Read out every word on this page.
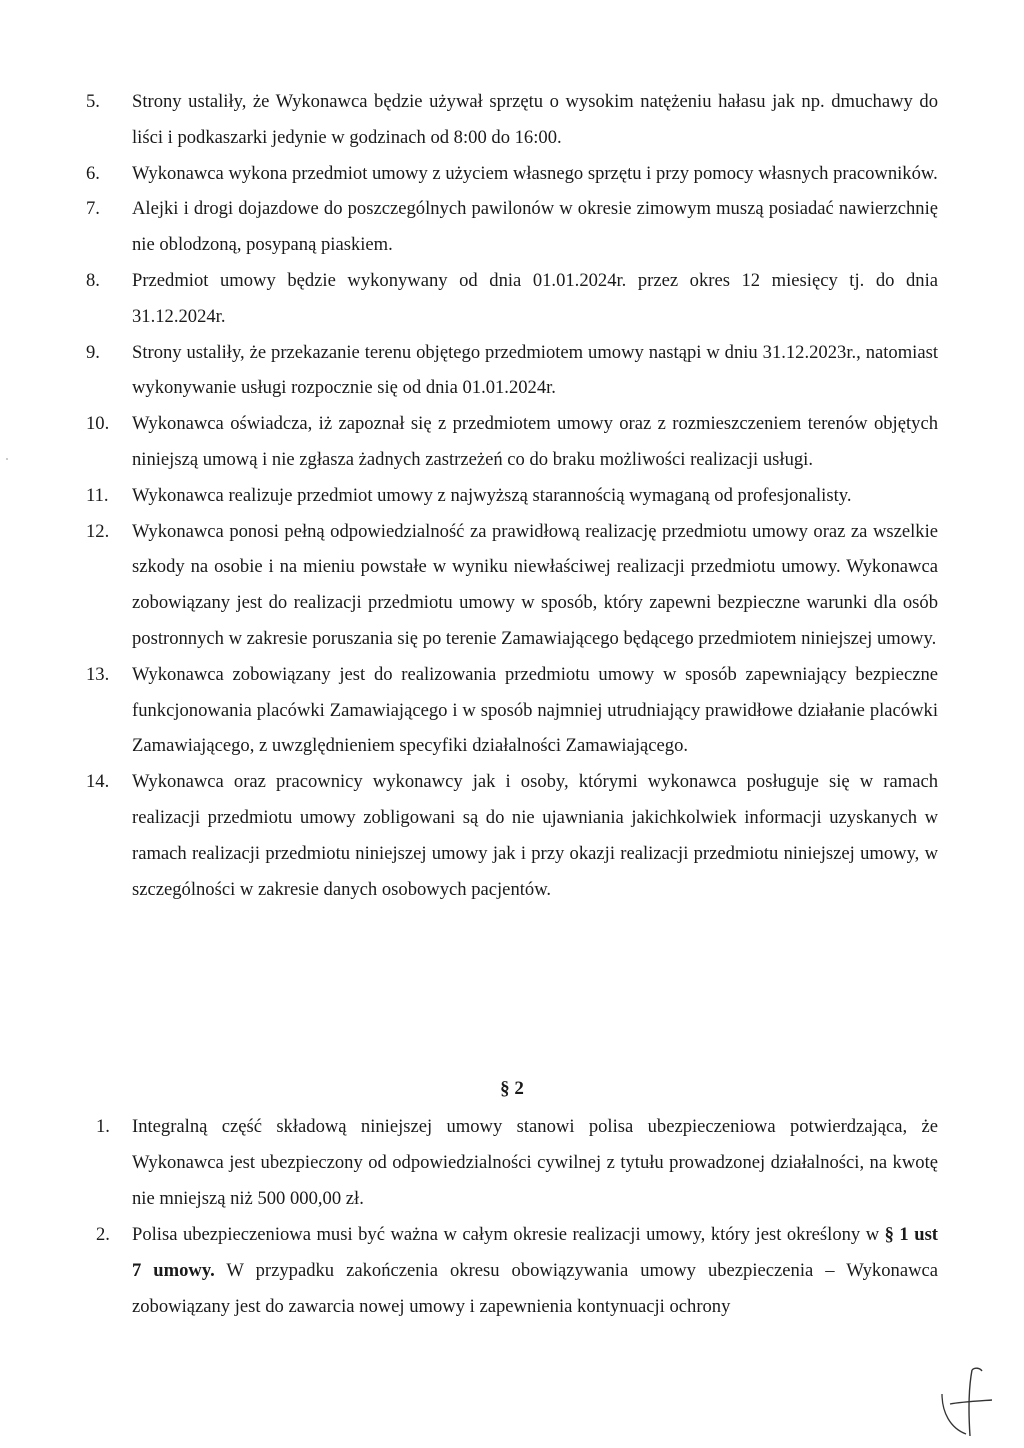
5.	Strony ustaliły, że Wykonawca będzie używał sprzętu o wysokim natężeniu hałasu jak np. dmuchawy do liści i podkaszarki jedynie w godzinach od 8:00 do 16:00.
6.	Wykonawca wykona przedmiot umowy z użyciem własnego sprzętu i przy pomocy własnych pracowników.
7.	Alejki i drogi dojazdowe do poszczególnych pawilonów w okresie zimowym muszą posiadać nawierzchnię nie oblodzoną, posypaną piaskiem.
8.	Przedmiot umowy będzie wykonywany od dnia 01.01.2024r. przez okres 12 miesięcy tj. do dnia 31.12.2024r.
9.	Strony ustaliły, że przekazanie terenu objętego przedmiotem umowy nastąpi w dniu 31.12.2023r., natomiast wykonywanie usługi rozpocznie się od dnia 01.01.2024r.
10.	Wykonawca oświadcza, iż zapoznał się z przedmiotem umowy oraz z rozmieszczeniem terenów objętych niniejszą umową i nie zgłasza żadnych zastrzeżeń co do braku możliwości realizacji usługi.
11.	Wykonawca realizuje przedmiot umowy z najwyższą starannością wymaganą od profesjonalisty.
12.	Wykonawca ponosi pełną odpowiedzialność za prawidłową realizację przedmiotu umowy oraz za wszelkie szkody na osobie i na mieniu powstałe w wyniku niewłaściwej realizacji przedmiotu umowy. Wykonawca zobowiązany jest do realizacji przedmiotu umowy w sposób, który zapewni bezpieczne warunki dla osób postronnych w zakresie poruszania się po terenie Zamawiającego będącego przedmiotem niniejszej umowy.
13.	Wykonawca zobowiązany jest do realizowania przedmiotu umowy w sposób zapewniający bezpieczne funkcjonowania placówki Zamawiającego i w sposób najmniej utrudniający prawidłowe działanie placówki Zamawiającego, z uwzględnieniem specyfiki działalności Zamawiającego.
14.	Wykonawca oraz pracownicy wykonawcy jak i osoby, którymi wykonawca posługuje się w ramach realizacji przedmiotu umowy zobligowani są do nie ujawniania jakichkolwiek informacji uzyskanych w ramach realizacji przedmiotu niniejszej umowy jak i przy okazji realizacji przedmiotu niniejszej umowy, w szczególności w zakresie danych osobowych pacjentów.
§ 2
1.	Integralną część składową niniejszej umowy stanowi polisa ubezpieczeniowa potwierdzająca, że Wykonawca jest ubezpieczony od odpowiedzialności cywilnej z tytułu prowadzonej działalności, na kwotę nie mniejszą niż 500 000,00 zł.
2.	Polisa ubezpieczeniowa musi być ważna w całym okresie realizacji umowy, który jest określony w § 1 ust 7 umowy. W przypadku zakończenia okresu obowiązywania umowy ubezpieczenia – Wykonawca zobowiązany jest do zawarcia nowej umowy i zapewnienia kontynuacji ochrony
